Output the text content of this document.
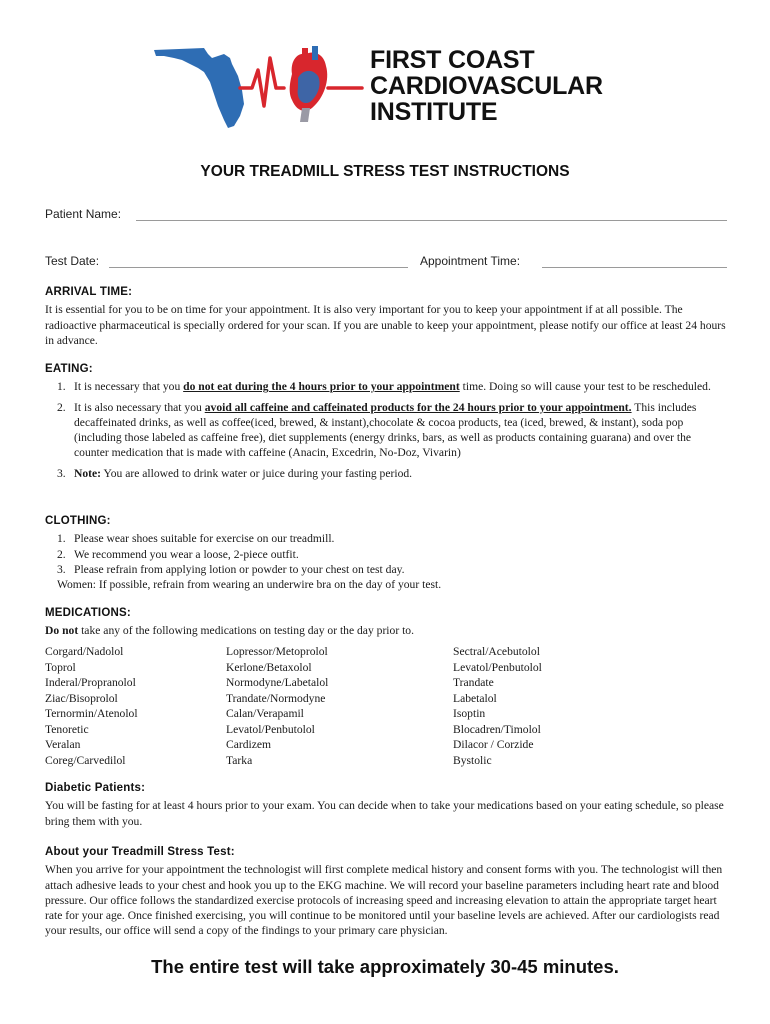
FIRST COAST
CARDIOVASCULAR
INSTITUTE
YOUR TREADMILL STRESS TEST INSTRUCTIONS
Patient Name:
Test Date:	Appointment Time:
ARRIVAL TIME:
It is essential for you to be on time for your appointment. It is also very important for you to keep your appointment if at all possible. The radioactive pharmaceutical is specially ordered for your scan. If you are unable to keep your appointment, please notify our office at least 24 hours in advance.
EATING:
1. It is necessary that you do not eat during the 4 hours prior to your appointment time. Doing so will cause your test to be rescheduled.
2. It is also necessary that you avoid all caffeine and caffeinated products for the 24 hours prior to your appointment. This includes decaffeinated drinks, as well as coffee(iced, brewed, & instant),chocolate & cocoa products, tea (iced, brewed, & instant), soda pop (including those labeled as caffeine free), diet supplements (energy drinks, bars, as well as products containing guarana) and over the counter medication that is made with caffeine (Anacin, Excedrin, No-Doz, Vivarin)
3. Note: You are allowed to drink water or juice during your fasting period.
CLOTHING:
1. Please wear shoes suitable for exercise on our treadmill.
2. We recommend you wear a loose, 2-piece outfit.
3. Please refrain from applying lotion or powder to your chest on test day.
Women: If possible, refrain from wearing an underwire bra on the day of your test.
MEDICATIONS:
Do not take any of the following medications on testing day or the day prior to.
Corgard/Nadolol
Toprol
Inderal/Propranolol
Ziac/Bisoprolol
Ternormin/Atenolol
Tenoretic
Veralan
Coreg/Carvedilol
Lopressor/Metoprolol
Kerlone/Betaxolol
Normodyne/Labetalol
Trandate/Normodyne
Calan/Verapamil
Levatol/Penbutolol
Cardizem
Tarka
Sectral/Acebutolol
Levatol/Penbutolol
Trandate
Labetalol
Isoptin
Blocadren/Timolol
Dilacor / Corzide
Bystolic
Diabetic Patients:
You will be fasting for at least 4 hours prior to your exam. You can decide when to take your medications based on your eating schedule, so please bring them with you.
About your Treadmill Stress Test:
When you arrive for your appointment the technologist will first complete medical history and consent forms with you. The technologist will then attach adhesive leads to your chest and hook you up to the EKG machine. We will record your baseline parameters including heart rate and blood pressure. Our office follows the standardized exercise protocols of increasing speed and increasing elevation to attain the appropriate target heart rate for your age. Once finished exercising, you will continue to be monitored until your baseline levels are achieved. After our cardiologists read your results, our office will send a copy of the findings to your primary care physician.
The entire test will take approximately 30-45 minutes.
